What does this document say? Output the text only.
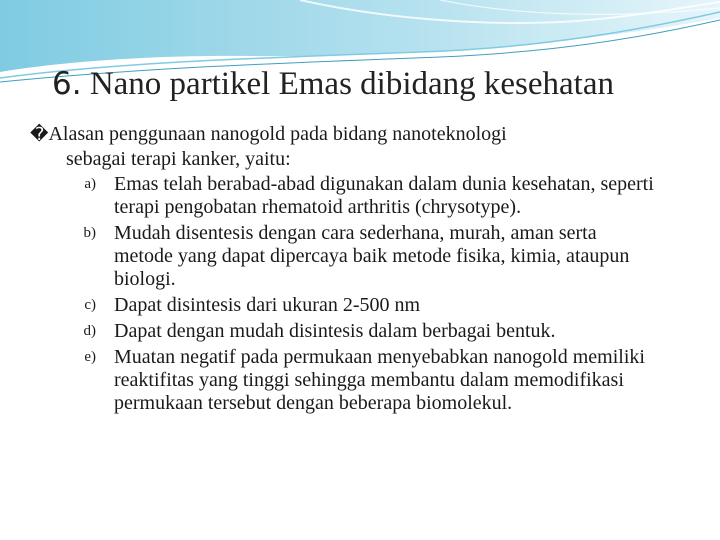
6. Nano partikel Emas dibidang kesehatan

�Alasan penggunaan nanogold pada bidang nanoteknologi
sebagai terapi kanker, yaitu:

a) Emas telah berabad-abad digunakan dalam dunia kesehatan, seperti terapi pengobatan rhematoid arthritis (chrysotype).
b) Mudah disentesis dengan cara sederhana, murah, aman serta metode yang dapat dipercaya baik metode fisika, kimia, ataupun biologi.
c) Dapat disintesis dari ukuran 2-500 nm
d) Dapat dengan mudah disintesis dalam berbagai bentuk.
e) Muatan negatif pada permukaan menyebabkan nanogold memiliki reaktifitas yang tinggi sehingga membantu dalam memodifikasi permukaan tersebut dengan beberapa biomolekul.
